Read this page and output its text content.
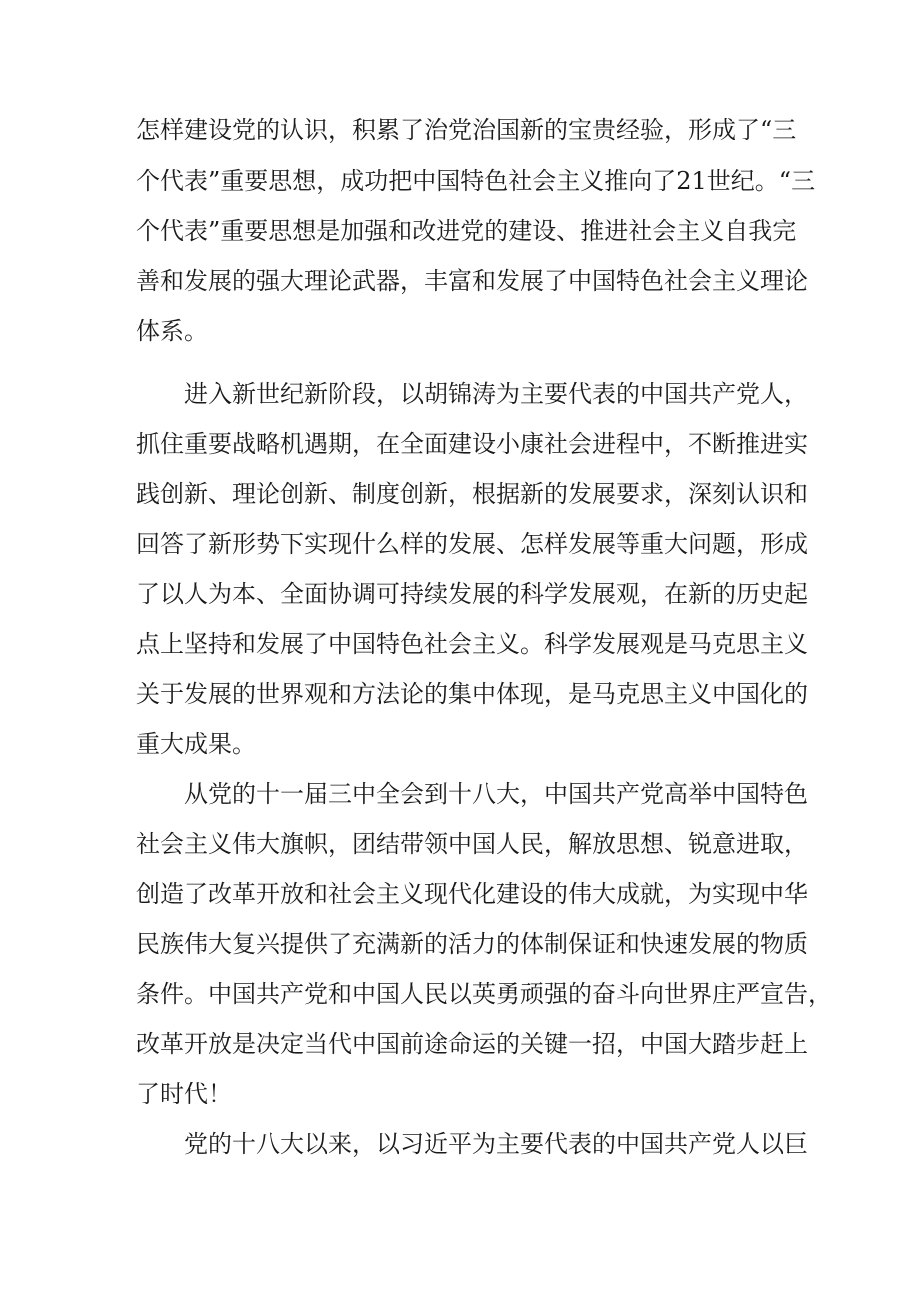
怎样建设党的认识，积累了治党治国新的宝贵经验，形成了“三
个代表”重要思想，成功把中国特色社会主义推向了21世纪。“三
个代表”重要思想是加强和改进党的建设、推进社会主义自我完
善和发展的强大理论武器，丰富和发展了中国特色社会主义理论
体系。
进入新世纪新阶段，以胡锦涛为主要代表的中国共产党人，
抓住重要战略机遇期，在全面建设小康社会进程中，不断推进实
践创新、理论创新、制度创新，根据新的发展要求，深刻认识和
回答了新形势下实现什么样的发展、怎样发展等重大问题，形成
了以人为本、全面协调可持续发展的科学发展观，在新的历史起
点上坚持和发展了中国特色社会主义。科学发展观是马克思主义
关于发展的世界观和方法论的集中体现，是马克思主义中国化的
重大成果。
从党的十一届三中全会到十八大，中国共产党高举中国特色
社会主义伟大旗帜，团结带领中国人民，解放思想、锐意进取，
创造了改革开放和社会主义现代化建设的伟大成就，为实现中华
民族伟大复兴提供了充满新的活力的体制保证和快速发展的物质
条件。中国共产党和中国人民以英勇顽强的奋斗向世界庄严宣告，
改革开放是决定当代中国前途命运的关键一招，中国大踏步赶上
了时代！
党的十八大以来，以习近平为主要代表的中国共产党人以巨
